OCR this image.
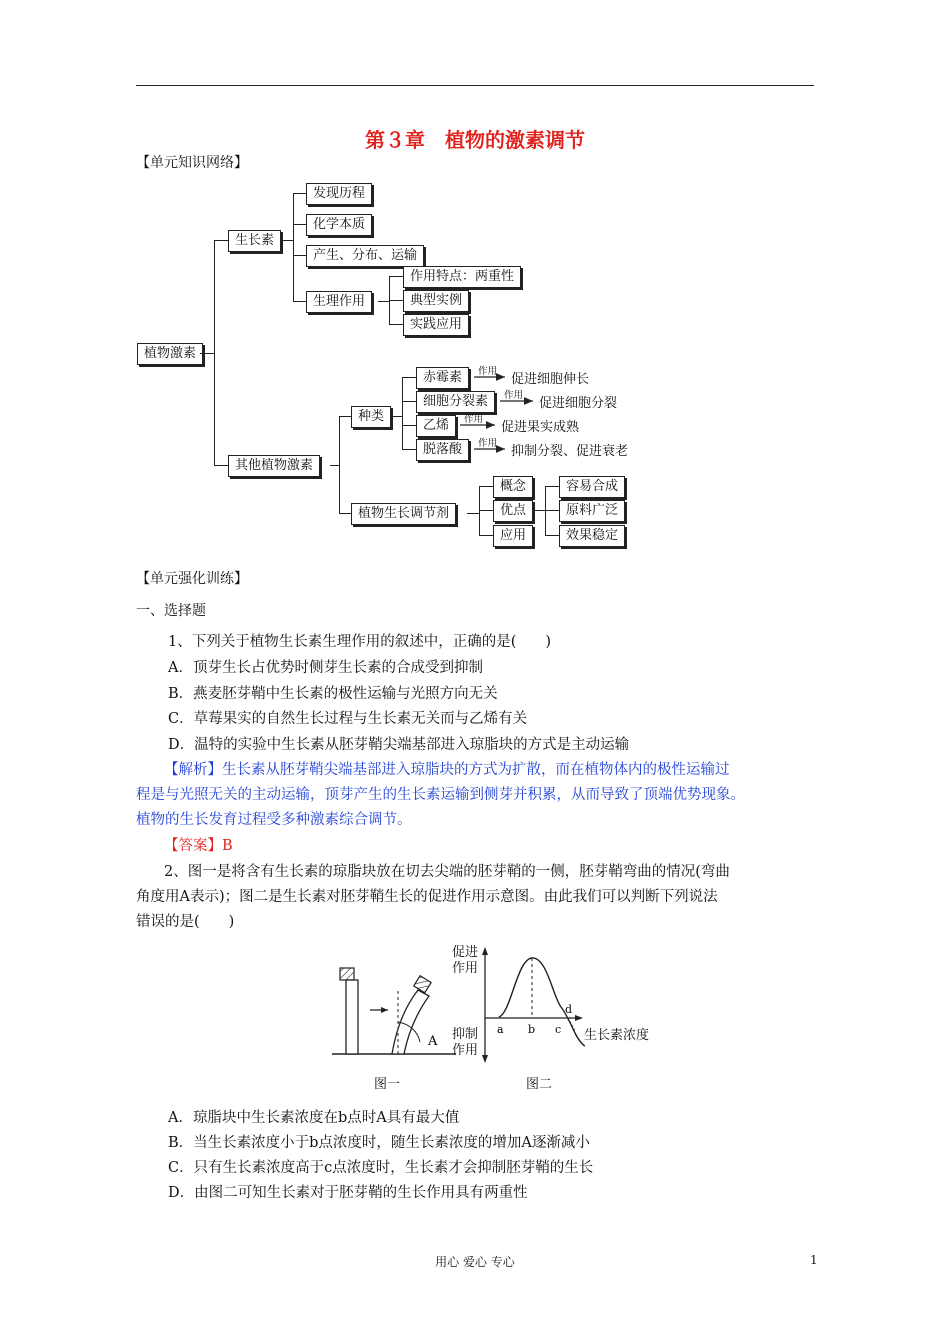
第３章　植物的激素调节
【单元知识网络】
植物激素
生长素
发现历程
化学本质
产生、分布、运输
生理作用
作用特点：两重性
典型实例
实践应用
其他植物激素
种类
赤霉素
细胞分裂素
乙烯
脱落酸
作用
作用
作用
作用
促进细胞伸长
促进细胞分裂
促进果实成熟
抑制分裂、促进衰老
植物生长调节剂
概念
优点
应用
容易合成
原料广泛
效果稳定
【单元强化训练】
一、选择题
1、下列关于植物生长素生理作用的叙述中，正确的是(　　)
A．顶芽生长占优势时侧芽生长素的合成受到抑制
B．燕麦胚芽鞘中生长素的极性运输与光照方向无关
C．草莓果实的自然生长过程与生长素无关而与乙烯有关
D．温特的实验中生长素从胚芽鞘尖端基部进入琼脂块的方式是主动运输
【解析】生长素从胚芽鞘尖端基部进入琼脂块的方式为扩散，而在植物体内的极性运输过
程是与光照无关的主动运输，顶芽产生的生长素运输到侧芽并积累，从而导致了顶端优势现象。
植物的生长发育过程受多种激素综合调节。
【答案】B
2、图一是将含有生长素的琼脂块放在切去尖端的胚芽鞘的一侧，胚芽鞘弯曲的情况(弯曲
角度用A表示)；图二是生长素对胚芽鞘生长的促进作用示意图。由此我们可以判断下列说法
错误的是(　　)
A
图一
促进
作用
抑制
作用
a b c
d
生长素浓度
图二
A．琼脂块中生长素浓度在b点时A具有最大值
B．当生长素浓度小于b点浓度时，随生长素浓度的增加A逐渐减小
C．只有生长素浓度高于c点浓度时，生长素才会抑制胚芽鞘的生长
D．由图二可知生长素对于胚芽鞘的生长作用具有两重性
用心 爱心 专心	1
